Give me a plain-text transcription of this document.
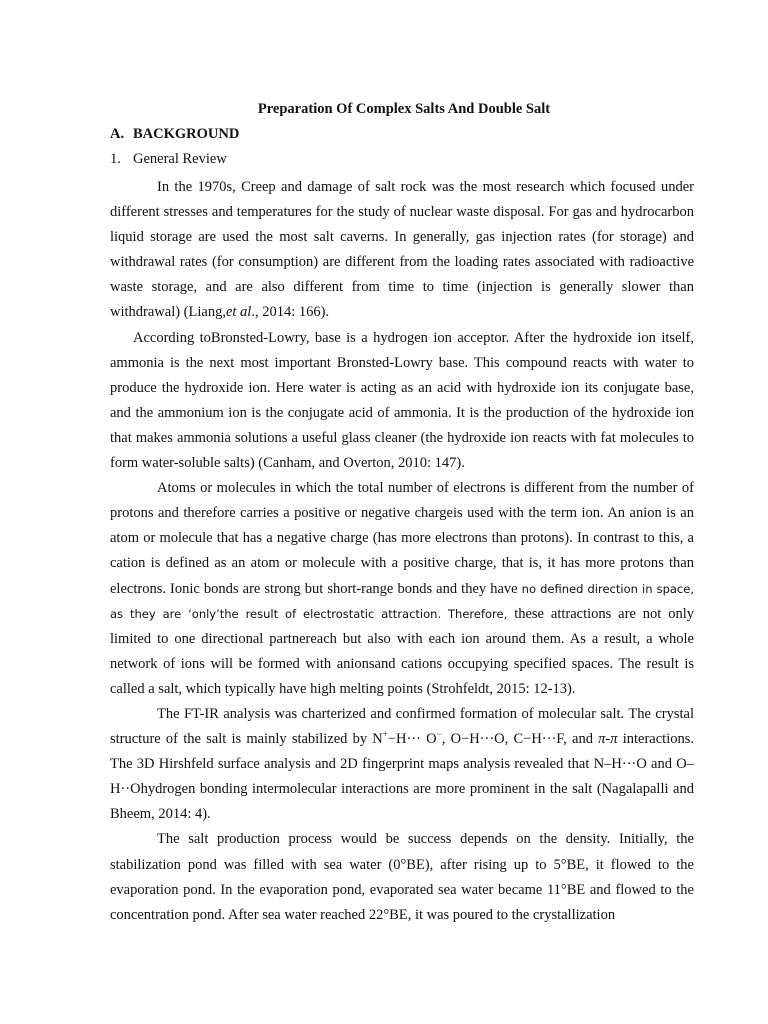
Preparation Of Complex Salts And Double Salt
A. BACKGROUND
1. General Review

In the 1970s, Creep and damage of salt rock was the most research which focused under different stresses and temperatures for the study of nuclear waste disposal. For gas and hydrocarbon liquid storage are used the most salt caverns. In generally, gas injection rates (for storage) and withdrawal rates (for consumption) are different from the loading rates associated with radioactive waste storage, and are also different from time to time (injection is generally slower than withdrawal) (Liang,et al., 2014: 166).

According toBronsted-Lowry, base is a hydrogen ion acceptor. After the hydroxide ion itself, ammonia is the next most important Bronsted-Lowry base. This compound reacts with water to produce the hydroxide ion. Here water is acting as an acid with hydroxide ion its conjugate base, and the ammonium ion is the conjugate acid of ammonia. It is the production of the hydroxide ion that makes ammonia solutions a useful glass cleaner (the hydroxide ion reacts with fat molecules to form water-soluble salts) (Canham, and Overton, 2010: 147).

Atoms or molecules in which the total number of electrons is different from the number of protons and therefore carries a positive or negative chargeis used with the term ion. An anion is an atom or molecule that has a negative charge (has more electrons than protons). In contrast to this, a cation is defined as an atom or molecule with a positive charge, that is, it has more protons than electrons. Ionic bonds are strong but short-range bonds and they have no defined direction in space, as they are ‘only’the result of electrostatic attraction. Therefore, these attractions are not only limited to one directional partnereach but also with each ion around them. As a result, a whole network of ions will be formed with anionsand cations occupying specified spaces. The result is called a salt, which typically have high melting points (Strohfeldt, 2015: 12-13).

The FT-IR analysis was charterized and confirmed formation of molecular salt. The crystal structure of the salt is mainly stabilized by N+−H··· O−, O−H···O, C−H···F, and π-π interactions. The 3D Hirshfeld surface analysis and 2D fingerprint maps analysis revealed that N–H···O and O–H··Ohydrogen bonding intermolecular interactions are more prominent in the salt (Nagalapalli and Bheem, 2014: 4).

The salt production process would be success depends on the density. Initially, the stabilization pond was filled with sea water (0°BE), after rising up to 5°BE, it flowed to the evaporation pond. In the evaporation pond, evaporated sea water became 11°BE and flowed to the concentration pond. After sea water reached 22°BE, it was poured to the crystallization
